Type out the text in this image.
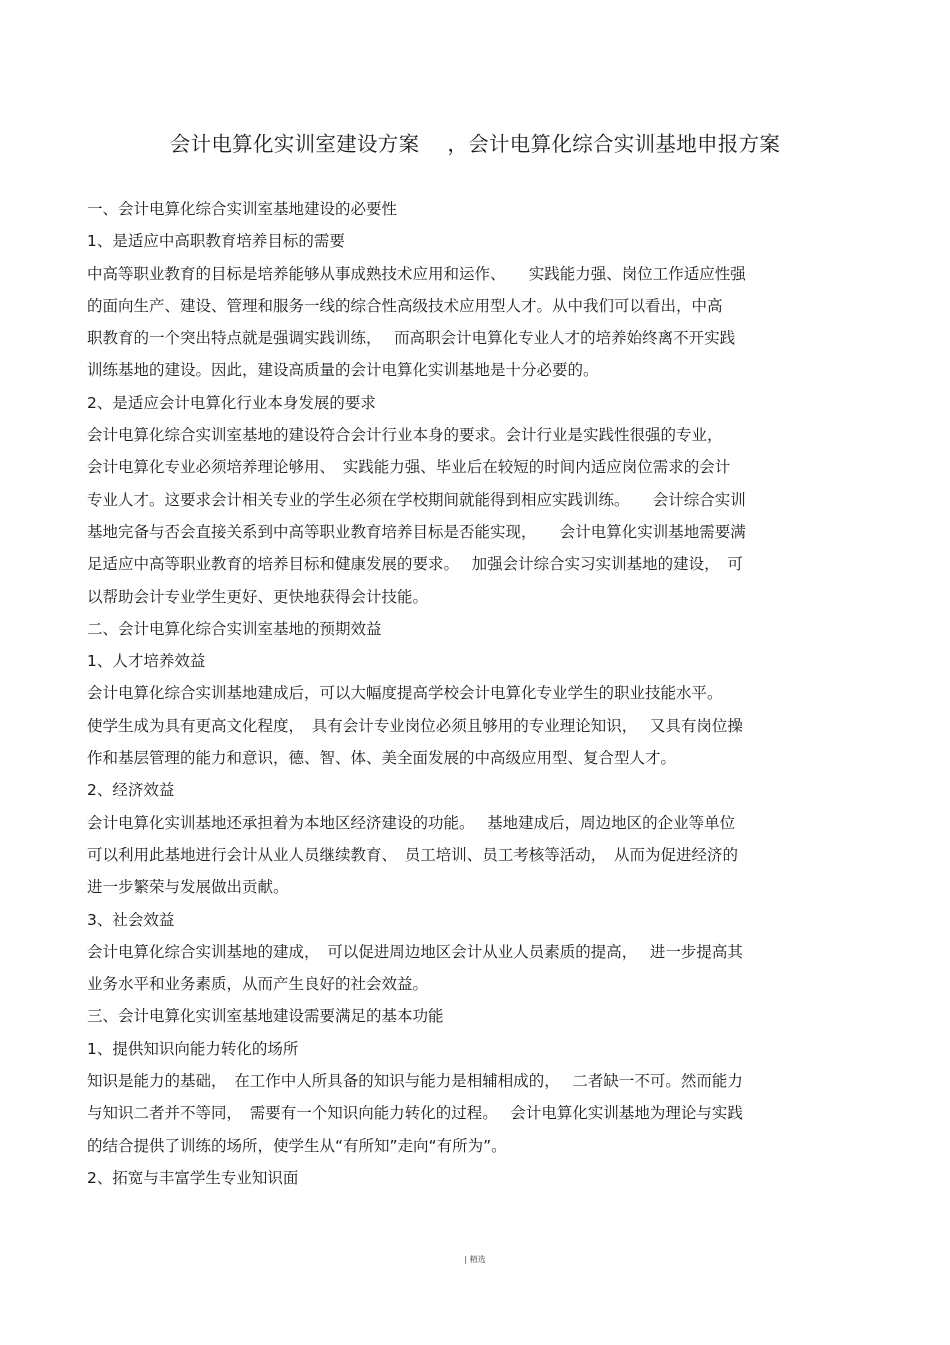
会计电算化实训室建设方案 ，会计电算化综合实训基地申报方案
一、会计电算化综合实训室基地建设的必要性
1、是适应中高职教育培养目标的需要
中高等职业教育的目标是培养能够从事成熟技术应用和运作、　　实践能力强、岗位工作适应性强
的面向生产、建设、管理和服务一线的综合性高级技术应用型人才。从中我们可以看出，中高
职教育的一个突出特点就是强调实践训练，　 而高职会计电算化专业人才的培养始终离不开实践
训练基地的建设。因此，建设高质量的会计电算化实训基地是十分必要的。
2、是适应会计电算化行业本身发展的要求
会计电算化综合实训室基地的建设符合会计行业本身的要求。会计行业是实践性很强的专业，
会计电算化专业必须培养理论够用、　实践能力强、毕业后在较短的时间内适应岗位需求的会计
专业人才。这要求会计相关专业的学生必须在学校期间就能得到相应实践训练。　　会计综合实训
基地完备与否会直接关系到中高等职业教育培养目标是否能实现，　　会计电算化实训基地需要满
足适应中高等职业教育的培养目标和健康发展的要求。　 加强会计综合实习实训基地的建设，　可
以帮助会计专业学生更好、更快地获得会计技能。
二、会计电算化综合实训室基地的预期效益
1、人才培养效益
会计电算化综合实训基地建成后，可以大幅度提高学校会计电算化专业学生的职业技能水平。
使学生成为具有更高文化程度，　具有会计专业岗位必须且够用的专业理论知识，　 又具有岗位操
作和基层管理的能力和意识，德、智、体、美全面发展的中高级应用型、复合型人才。
2、经济效益
会计电算化实训基地还承担着为本地区经济建设的功能。　 基地建成后，周边地区的企业等单位
可以利用此基地进行会计从业人员继续教育、　员工培训、员工考核等活动，　从而为促进经济的
进一步繁荣与发展做出贡献。
3、社会效益
会计电算化综合实训基地的建成，　可以促进周边地区会计从业人员素质的提高，　 进一步提高其
业务水平和业务素质，从而产生良好的社会效益。
三、会计电算化实训室基地建设需要满足的基本功能
1、提供知识向能力转化的场所
知识是能力的基础，　在工作中人所具备的知识与能力是相辅相成的，　 二者缺一不可。然而能力
与知识二者并不等同，　需要有一个知识向能力转化的过程。　 会计电算化实训基地为理论与实践
的结合提供了训练的场所，使学生从“有所知”走向“有所为”。
2、拓宽与丰富学生专业知识面
| 精选
